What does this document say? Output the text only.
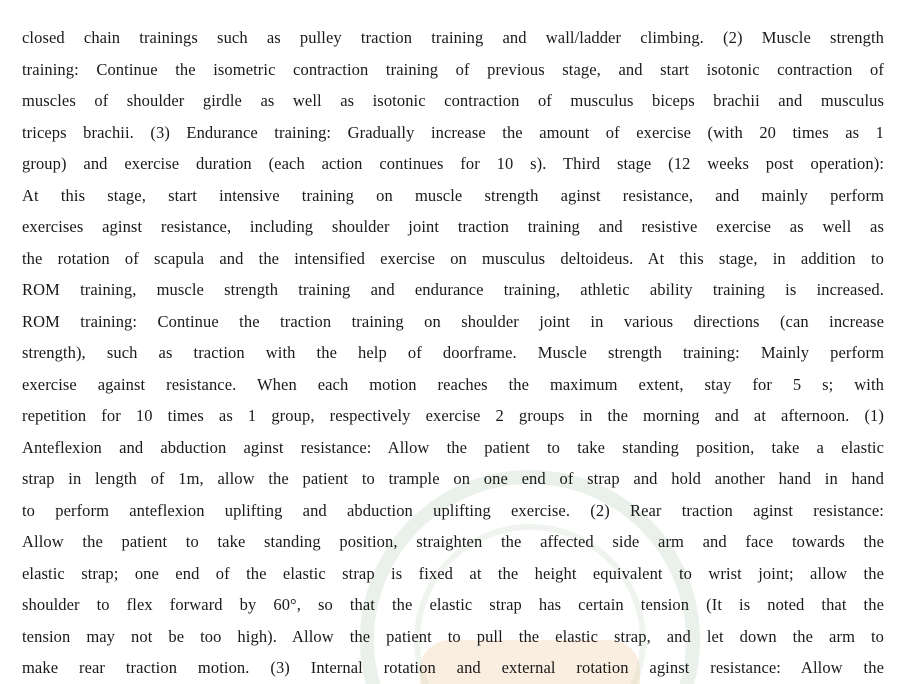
closed chain trainings such as pulley traction training and wall/ladder climbing. (2) Muscle strength
training: Continue the isometric contraction training of previous stage, and start isotonic contraction of
muscles of shoulder girdle as well as isotonic contraction of musculus biceps brachii and musculus
triceps brachii. (3) Endurance training: Gradually increase the amount of exercise (with 20 times as 1
group) and exercise duration (each action continues for 10 s). Third stage (12 weeks post operation):
At this stage, start intensive training on muscle strength aginst resistance, and mainly perform
exercises aginst resistance, including shoulder joint traction training and resistive exercise as well as
the rotation of scapula and the intensified exercise on musculus deltoideus. At this stage, in addition to
ROM training, muscle strength training and endurance training, athletic ability training is increased.
ROM training: Continue the traction training on shoulder joint in various directions (can increase
strength), such as traction with the help of doorframe. Muscle strength training: Mainly perform
exercise against resistance. When each motion reaches the maximum extent, stay for 5 s; with
repetition for 10 times as 1 group, respectively exercise 2 groups in the morning and at afternoon. (1)
Anteflexion and abduction aginst resistance: Allow the patient to take standing position, take a elastic
strap in length of 1m, allow the patient to trample on one end of strap and hold another hand in hand
to perform anteflexion uplifting and abduction uplifting exercise. (2) Rear traction aginst resistance:
Allow the patient to take standing position, straighten the affected side arm and face towards the
elastic strap; one end of the elastic strap is fixed at the height equivalent to wrist joint; allow the
shoulder to flex forward by 60°, so that the elastic strap has certain tension (It is noted that the
tension may not be too high). Allow the patient to pull the elastic strap, and let down the arm to
make rear traction motion. (3) Internal rotation and external rotation aginst resistance: Allow the
